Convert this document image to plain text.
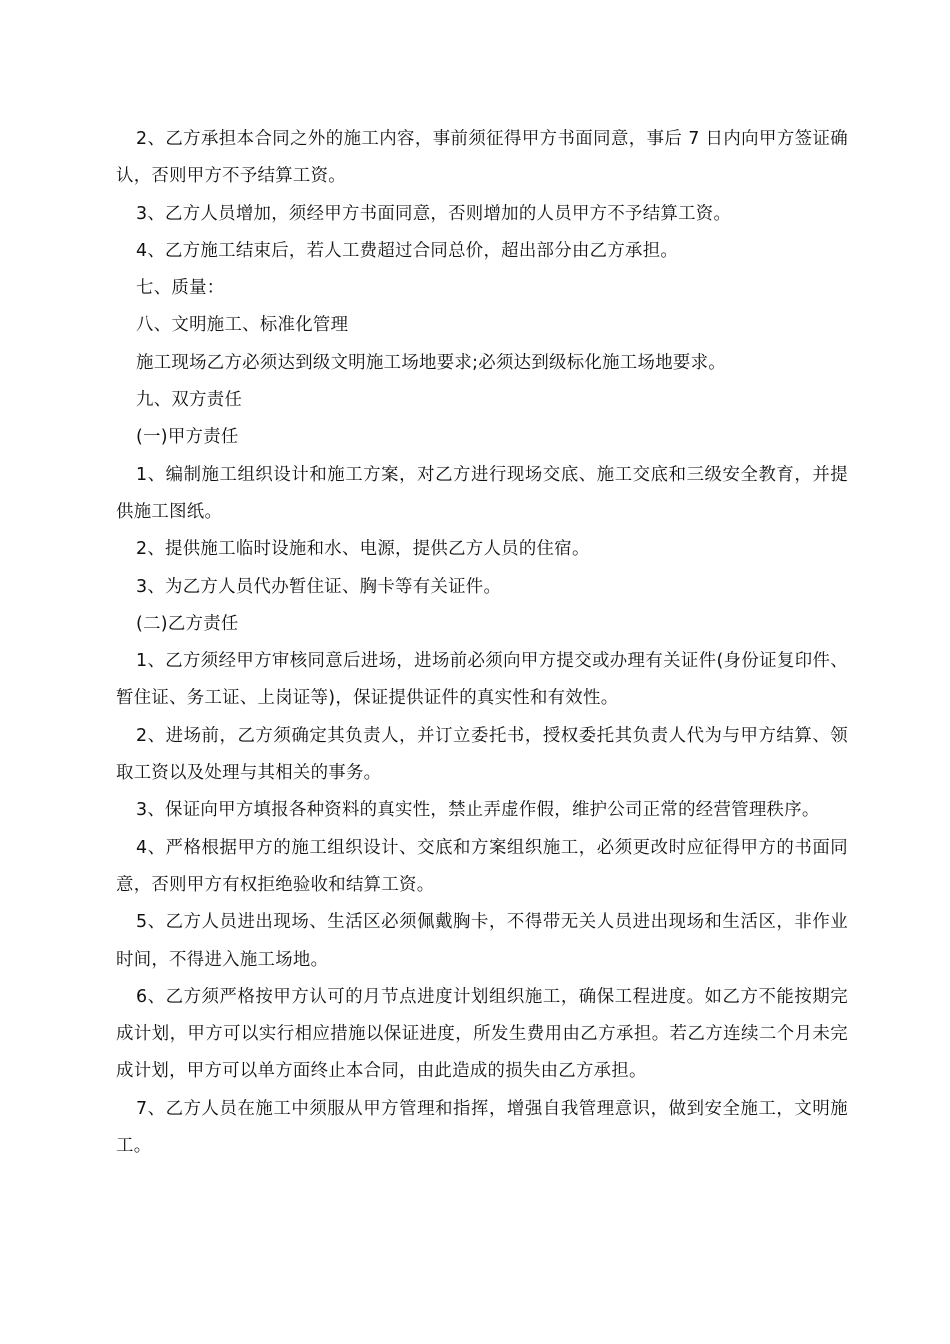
2、乙方承担本合同之外的施工内容，事前须征得甲方书面同意，事后 7 日内向甲方签证确认，否则甲方不予结算工资。

3、乙方人员增加，须经甲方书面同意，否则增加的人员甲方不予结算工资。

4、乙方施工结束后，若人工费超过合同总价，超出部分由乙方承担。

七、质量：

八、文明施工、标准化管理

施工现场乙方必须达到级文明施工场地要求;必须达到级标化施工场地要求。

九、双方责任

(一)甲方责任

1、编制施工组织设计和施工方案，对乙方进行现场交底、施工交底和三级安全教育，并提供施工图纸。

2、提供施工临时设施和水、电源，提供乙方人员的住宿。

3、为乙方人员代办暂住证、胸卡等有关证件。

(二)乙方责任

1、乙方须经甲方审核同意后进场，进场前必须向甲方提交或办理有关证件(身份证复印件、暂住证、务工证、上岗证等)，保证提供证件的真实性和有效性。

2、进场前，乙方须确定其负责人，并订立委托书，授权委托其负责人代为与甲方结算、领取工资以及处理与其相关的事务。

3、保证向甲方填报各种资料的真实性，禁止弄虚作假，维护公司正常的经营管理秩序。

4、严格根据甲方的施工组织设计、交底和方案组织施工，必须更改时应征得甲方的书面同意，否则甲方有权拒绝验收和结算工资。

5、乙方人员进出现场、生活区必须佩戴胸卡，不得带无关人员进出现场和生活区，非作业时间，不得进入施工场地。

6、乙方须严格按甲方认可的月节点进度计划组织施工，确保工程进度。如乙方不能按期完成计划，甲方可以实行相应措施以保证进度，所发生费用由乙方承担。若乙方连续二个月未完成计划，甲方可以单方面终止本合同，由此造成的损失由乙方承担。

7、乙方人员在施工中须服从甲方管理和指挥，增强自我管理意识，做到安全施工，文明施工。
